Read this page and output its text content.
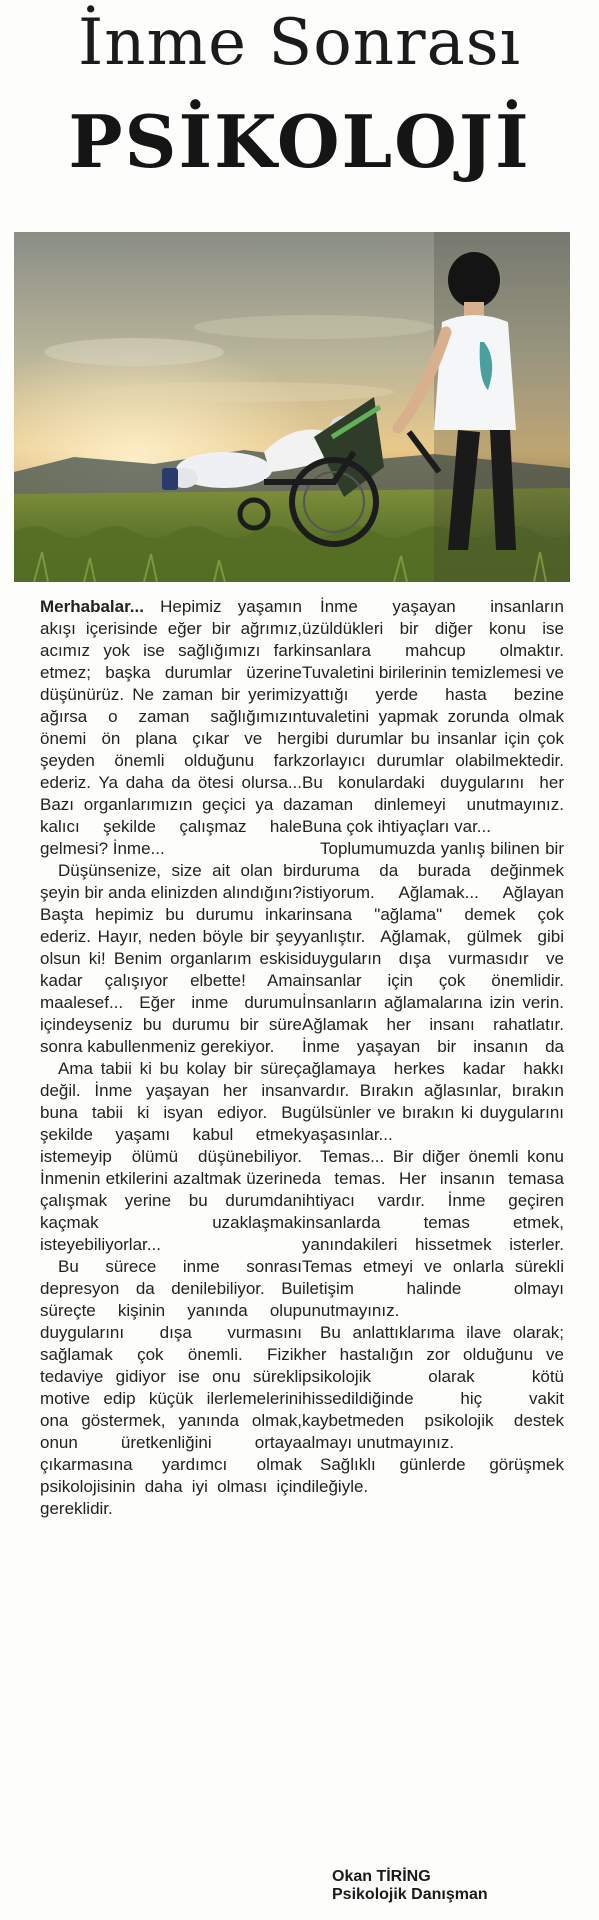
İnme Sonrası
PSİKOLOJİ

Merhabalar... Hepimiz yaşamın akışı içerisinde eğer bir ağrımız, acımız yok ise sağlığımızı fark etmez; başka durumlar üzerine düşünürüz. Ne zaman bir yerimiz ağırsa o zaman sağlığımızın önemi ön plana çıkar ve her şeyden önemli olduğunu fark ederiz. Ya daha da ötesi olursa... Bazı organlarımızın geçici ya da kalıcı şekilde çalışmaz hale gelmesi? İnme...

Düşünsenize, size ait olan bir şeyin bir anda elinizden alındığını? Başta hepimiz bu durumu inkar ederiz. Hayır, neden böyle bir şey olsun ki! Benim organlarım eskisi kadar çalışıyor elbette! Ama maalesef... Eğer inme durumu içindeyseniz bu durumu bir süre sonra kabullenmeniz gerekiyor.

Ama tabii ki bu kolay bir süreç değil. İnme yaşayan her insan buna tabii ki isyan ediyor. Bu şekilde yaşamı kabul etmek istemeyip ölümü düşünebiliyor. İnmenin etkilerini azaltmak üzerine çalışmak yerine bu durumdan kaçmak uzaklaşmak isteyebiliyorlar...

Bu sürece inme sonrası depresyon da denilebiliyor. Bu süreçte kişinin yanında olup duygularını dışa vurmasını sağlamak çok önemli. Fizik tedaviye gidiyor ise onu sürekli motive edip küçük ilerlemelerini ona göstermek, yanında olmak, onun üretkenliğini ortaya çıkarmasına yardımcı olmak psikolojisinin daha iyi olması için gereklidir.

İnme yaşayan insanların üzüldükleri bir diğer konu ise insanlara mahcup olmaktır. Tuvaletini birilerinin temizlemesi ve yattığı yerde hasta bezine tuvaletini yapmak zorunda olmak gibi durumlar bu insanlar için çok zorlayıcı durumlar olabilmektedir. Bu konulardaki duygularını her zaman dinlemeyi unutmayınız. Buna çok ihtiyaçları var...

Toplumumuzda yanlış bilinen bir duruma da burada değinmek istiyorum. Ağlamak... Ağlayan insana "ağlama" demek çok yanlıştır. Ağlamak, gülmek gibi duyguların dışa vurmasıdır ve insanlar için çok önemlidir. İnsanların ağlamalarına izin verin. Ağlamak her insanı rahatlatır. İnme yaşayan bir insanın da ağlamaya herkes kadar hakkı vardır. Bırakın ağlasınlar, bırakın gülsünler ve bırakın ki duygularını yaşasınlar...

Temas... Bir diğer önemli konu da temas. Her insanın temasa ihtiyacı vardır. İnme geçiren insanlarda temas etmek, yanındakileri hissetmek isterler. Temas etmeyi ve onlarla sürekli iletişim halinde olmayı unutmayınız.

Bu anlattıklarıma ilave olarak; her hastalığın zor olduğunu ve psikolojik olarak kötü hissedildiğinde hiç vakit kaybetmeden psikolojik destek almayı unutmayınız.

Sağlıklı günlerde görüşmek dileğiyle.

Okan TİRİNG
Psikolojik Danışman
